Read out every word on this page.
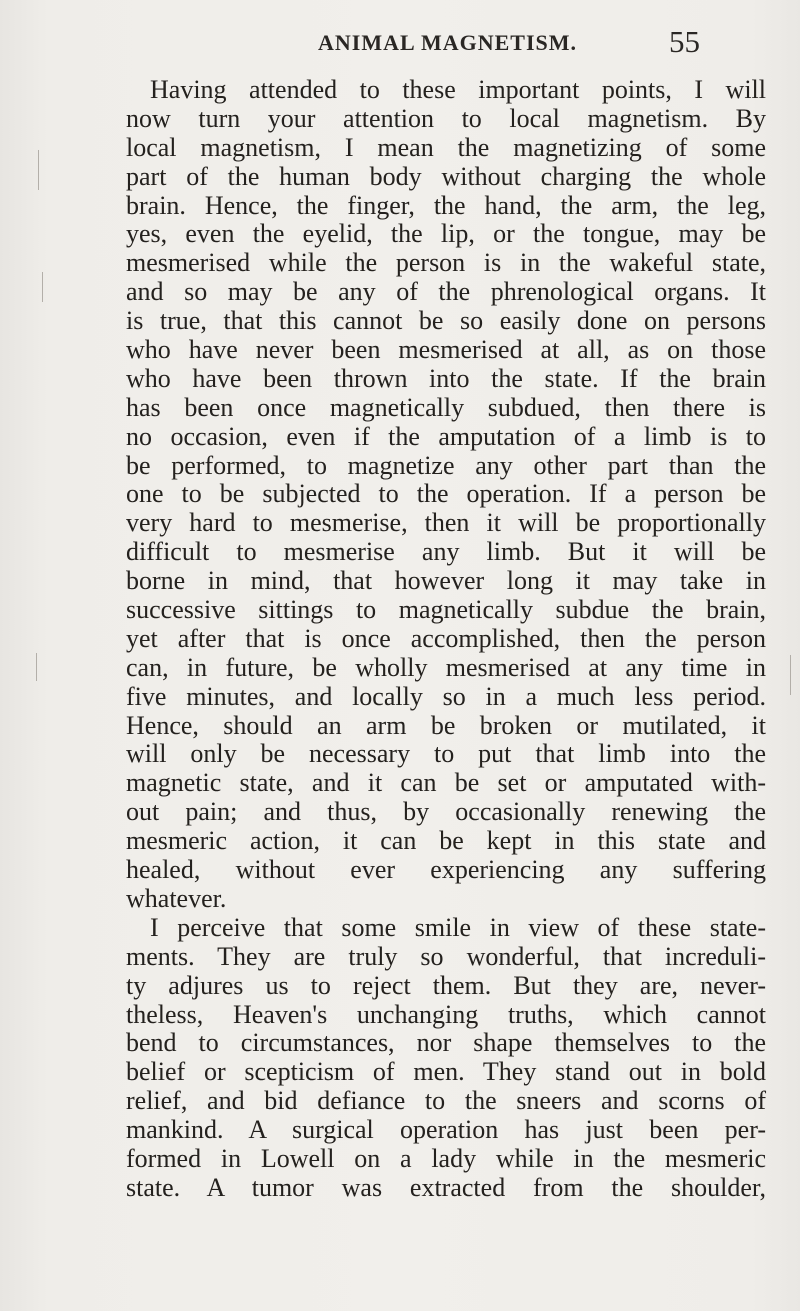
ANIMAL MAGNETISM.	55
Having attended to these important points, I will
now turn your attention to local magnetism. By
local magnetism, I mean the magnetizing of some
part of the human body without charging the whole
brain. Hence, the finger, the hand, the arm, the leg,
yes, even the eyelid, the lip, or the tongue, may be
mesmerised while the person is in the wakeful state,
and so may be any of the phrenological organs. It
is true, that this cannot be so easily done on persons
who have never been mesmerised at all, as on those
who have been thrown into the state. If the brain
has been once magnetically subdued, then there is
no occasion, even if the amputation of a limb is to
be performed, to magnetize any other part than the
one to be subjected to the operation. If a person be
very hard to mesmerise, then it will be proportionally
difficult to mesmerise any limb. But it will be
borne in mind, that however long it may take in
successive sittings to magnetically subdue the brain,
yet after that is once accomplished, then the person
can, in future, be wholly mesmerised at any time in
five minutes, and locally so in a much less period.
Hence, should an arm be broken or mutilated, it
will only be necessary to put that limb into the
magnetic state, and it can be set or amputated with-
out pain; and thus, by occasionally renewing the
mesmeric action, it can be kept in this state and
healed, without ever experiencing any suffering
whatever.
I perceive that some smile in view of these state-
ments. They are truly so wonderful, that increduli-
ty adjures us to reject them. But they are, never-
theless, Heaven's unchanging truths, which cannot
bend to circumstances, nor shape themselves to the
belief or scepticism of men. They stand out in bold
relief, and bid defiance to the sneers and scorns of
mankind. A surgical operation has just been per-
formed in Lowell on a lady while in the mesmeric
state. A tumor was extracted from the shoulder,
